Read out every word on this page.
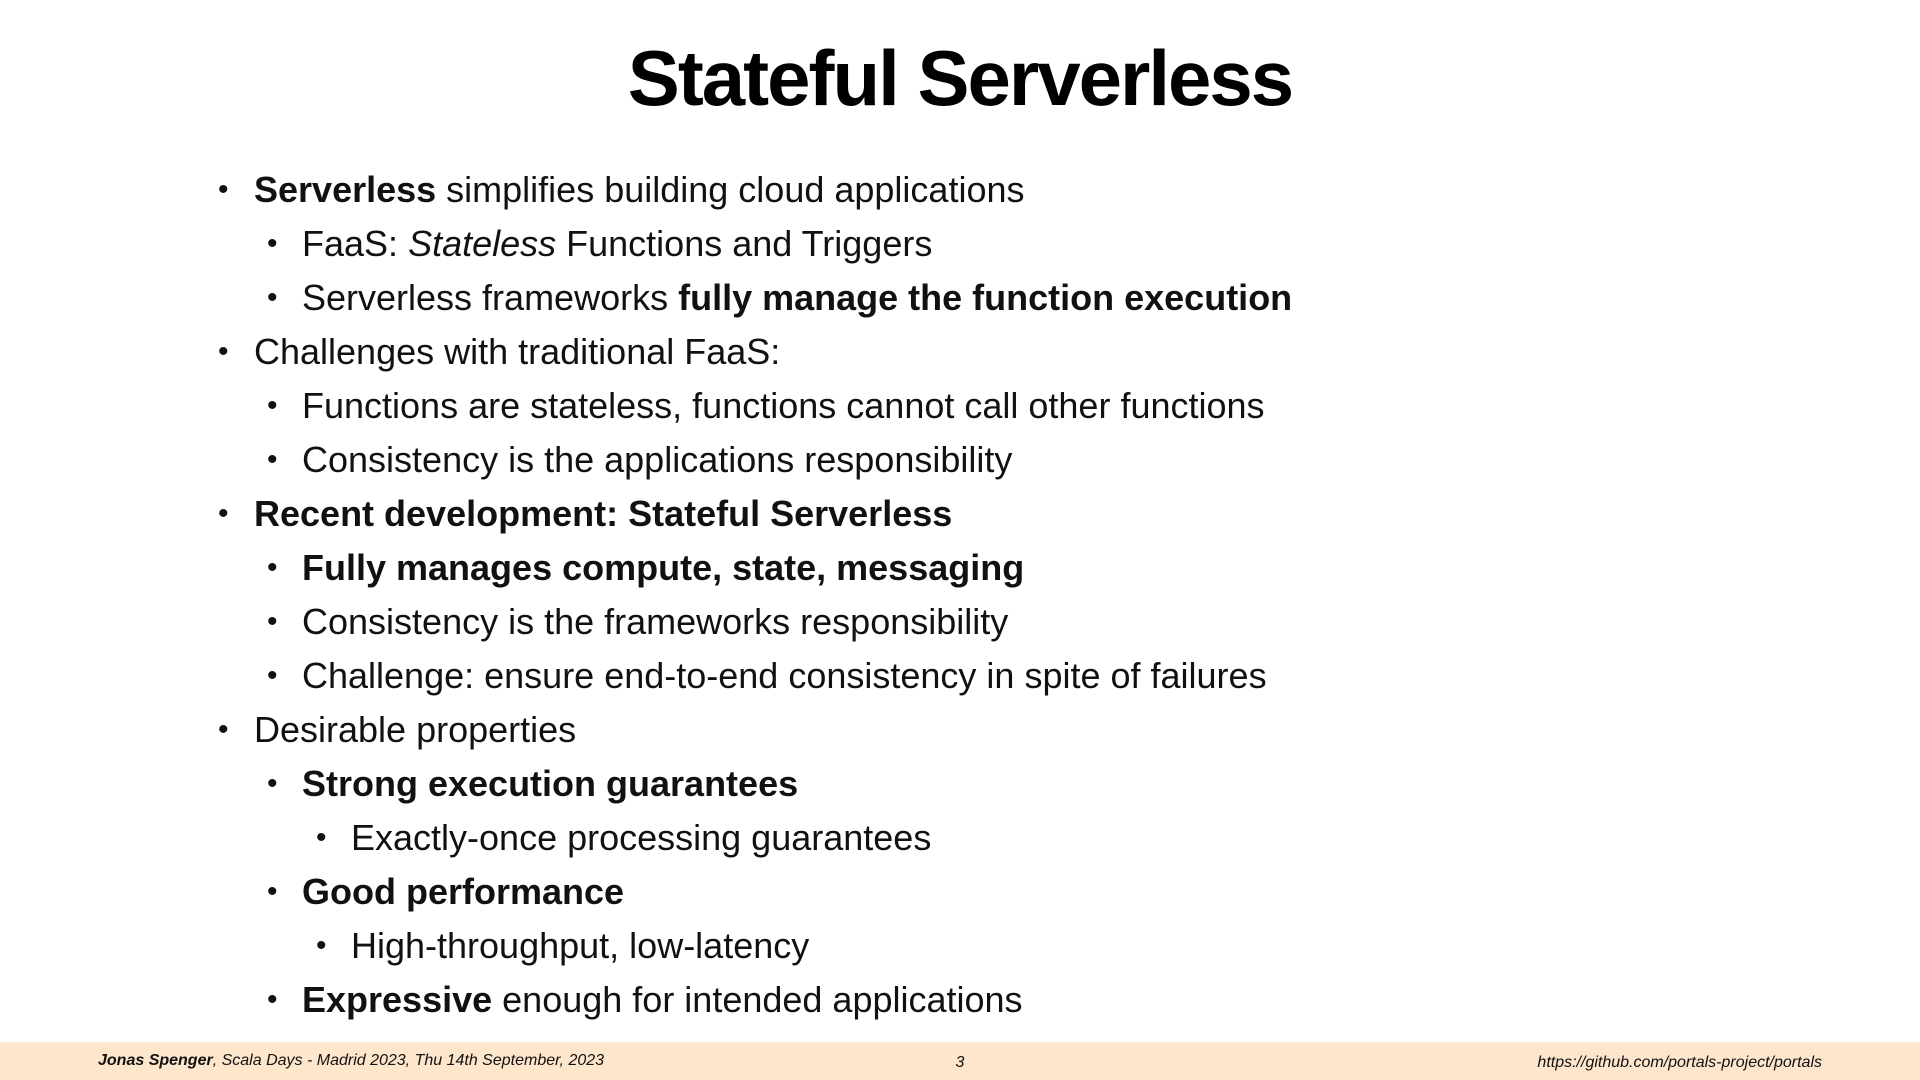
Stateful Serverless
• Serverless simplifies building cloud applications
• FaaS: Stateless Functions and Triggers
• Serverless frameworks fully manage the function execution
• Challenges with traditional FaaS:
• Functions are stateless, functions cannot call other functions
• Consistency is the applications responsibility
• Recent development: Stateful Serverless
• Fully manages compute, state, messaging
• Consistency is the frameworks responsibility
• Challenge: ensure end-to-end consistency in spite of failures
• Desirable properties
• Strong execution guarantees
• Exactly-once processing guarantees
• Good performance
• High-throughput, low-latency
• Expressive enough for intended applications
Jonas Spenger, Scala Days - Madrid 2023, Thu 14th September, 2023	3	https://github.com/portals-project/portals
